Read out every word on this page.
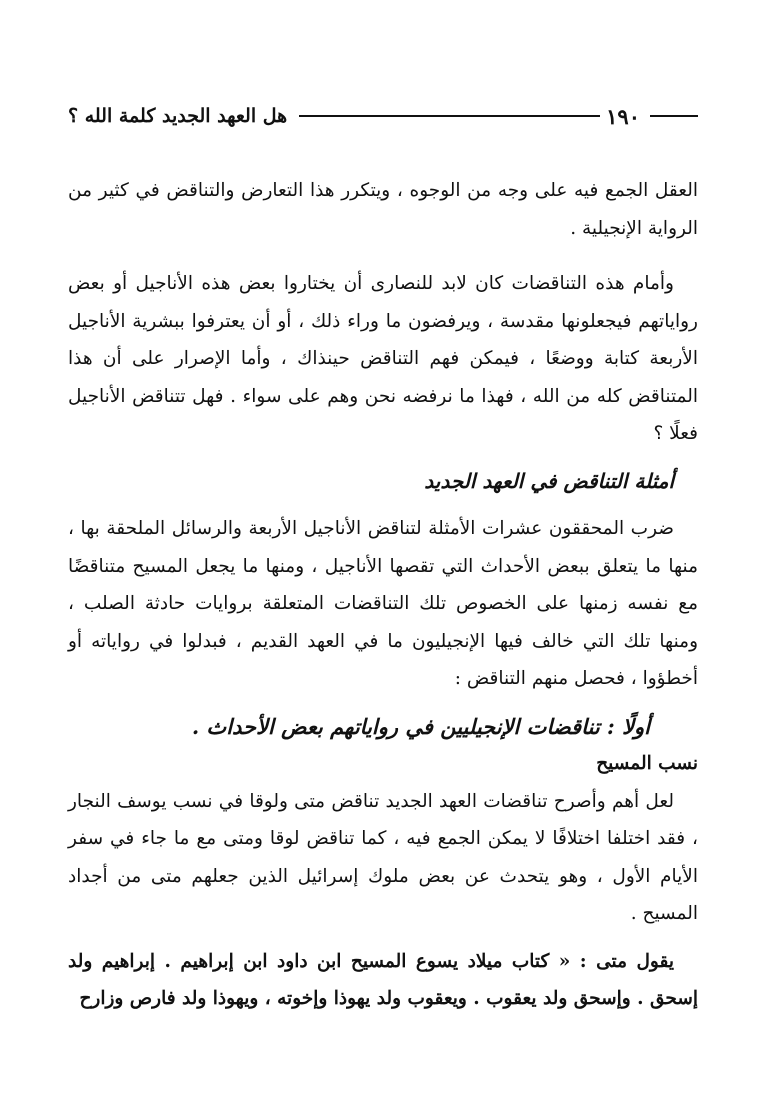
١٩٠
هل العهد الجديد كلمة الله ؟

العقل الجمع فيه على وجه من الوجوه ، ويتكرر هذا التعارض والتناقض في كثير من الرواية الإنجيلية .

وأمام هذه التناقضات كان لابد للنصارى أن يختاروا بعض هذه الأناجيل أو بعض رواياتهم فيجعلونها مقدسة ، ويرفضون ما وراء ذلك ، أو أن يعترفوا ببشرية الأناجيل الأربعة كتابة ووضعًا ، فيمكن فهم التناقض حينذاك ، وأما الإصرار على أن هذا المتناقض كله من الله ، فهذا ما نرفضه نحن وهم على سواء . فهل تتناقض الأناجيل فعلًا ؟

أمثلة التناقض في العهد الجديد

ضرب المحققون عشرات الأمثلة لتناقض الأناجيل الأربعة والرسائل الملحقة بها ، منها ما يتعلق ببعض الأحداث التي تقصها الأناجيل ، ومنها ما يجعل المسيح متناقضًا مع نفسه زمنها على الخصوص تلك التناقضات المتعلقة بروايات حادثة الصلب ، ومنها تلك التي خالف فيها الإنجيليون ما في العهد القديم ، فبدلوا في رواياته أو أخطؤوا ، فحصل منهم التناقض :

أولًا : تناقضات الإنجيليين في رواياتهم بعض الأحداث .

نسب المسيح

لعل أهم وأصرح تناقضات العهد الجديد تناقض متى ولوقا في نسب يوسف النجار ، فقد اختلفا اختلافًا لا يمكن الجمع فيه ، كما تناقض لوقا ومتى مع ما جاء في سفر الأيام الأول ، وهو يتحدث عن بعض ملوك إسرائيل الذين جعلهم متى من أجداد المسيح .

يقول متى : « كتاب ميلاد يسوع المسيح ابن داود ابن إبراهيم . إبراهيم ولد إسحق . وإسحق ولد يعقوب . ويعقوب ولد يهوذا وإخوته ، ويهوذا ولد فارص وزارح
